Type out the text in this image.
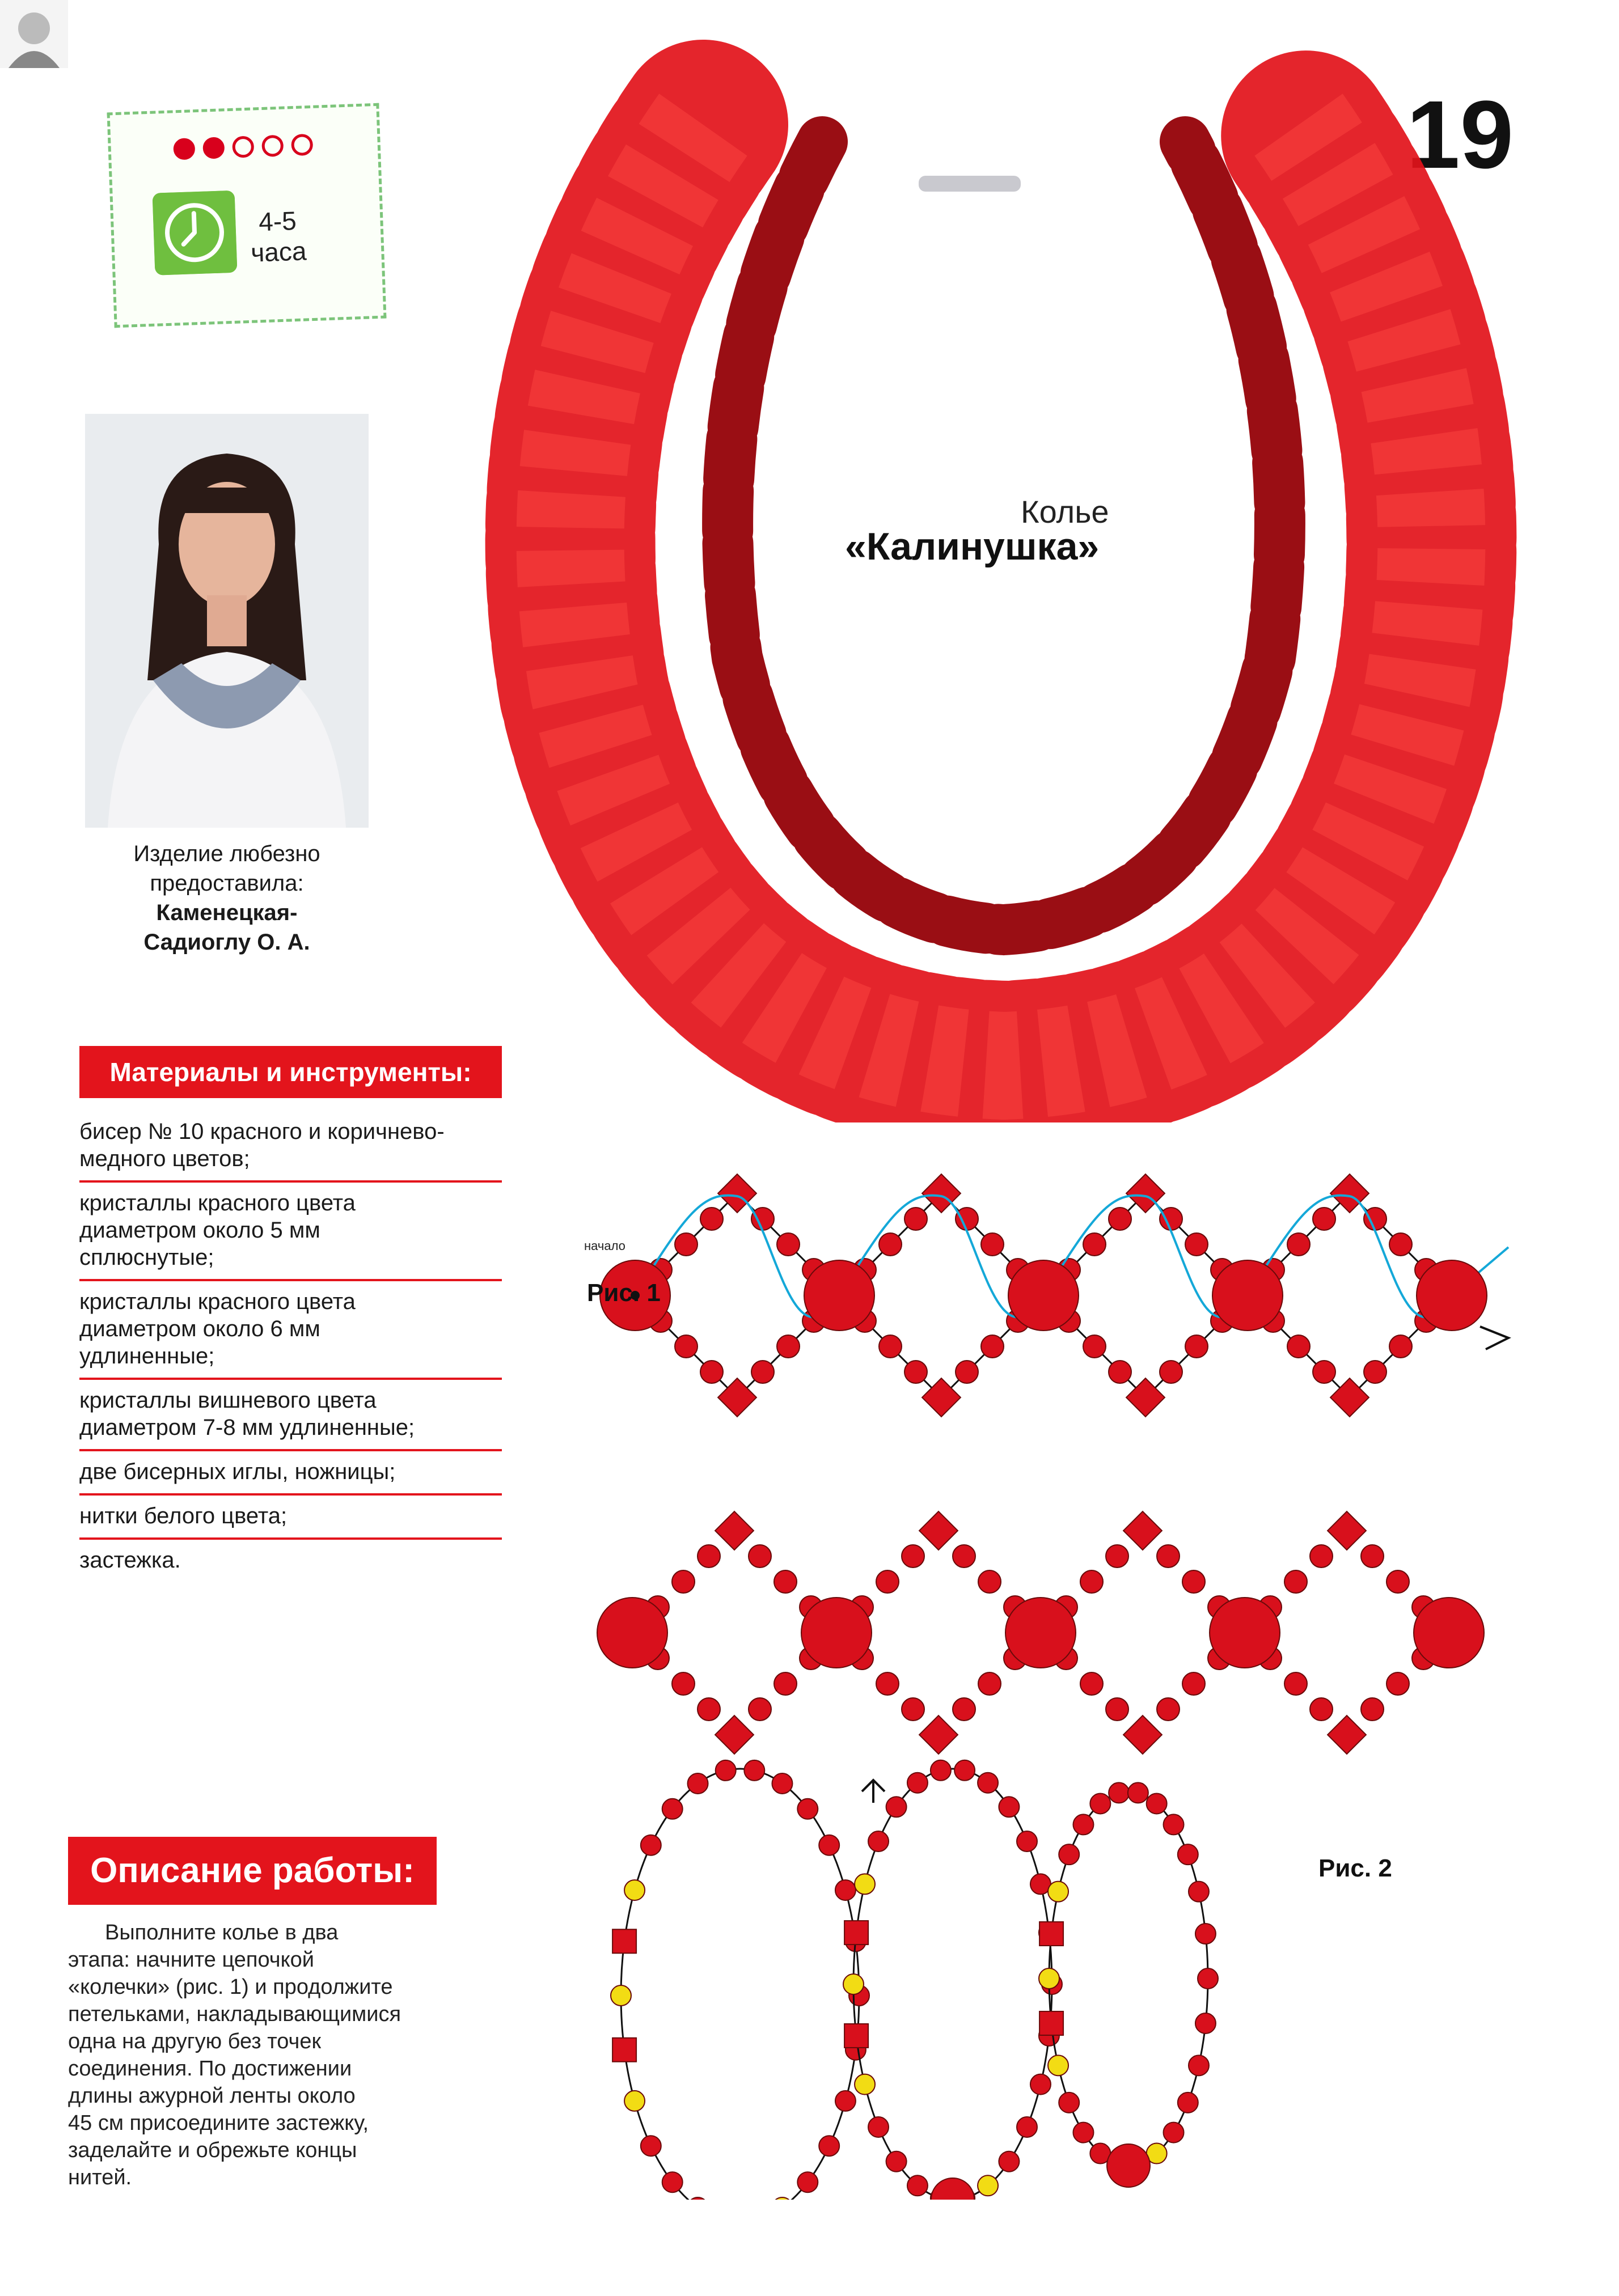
19
4-5
часа
Изделие любезно
предоставила:
Каменецкая-
Садиоглу О. А.
Материалы и инструменты:
бисер № 10 красного и коричнево-
медного цветов;
кристаллы красного цвета
диаметром около 5 мм
сплюснутые;
кристаллы красного цвета
диаметром около 6 мм
удлиненные;
кристаллы вишневого цвета
диаметром 7-8 мм удлиненные;
две бисерных иглы, ножницы;
нитки белого цвета;
застежка.
Описание работы:
Выполните колье в два
этапа: начните цепочкой
«колечки» (рис. 1) и продолжите
петельками, накладывающимися
одна на другую без точек
соединения. По достижении
длины ажурной ленты около
45 см присоедините застежку,
заделайте и обрежьте концы
нитей.
Колье
«Калинушка»
Рис. 1
начало
Рис. 2
